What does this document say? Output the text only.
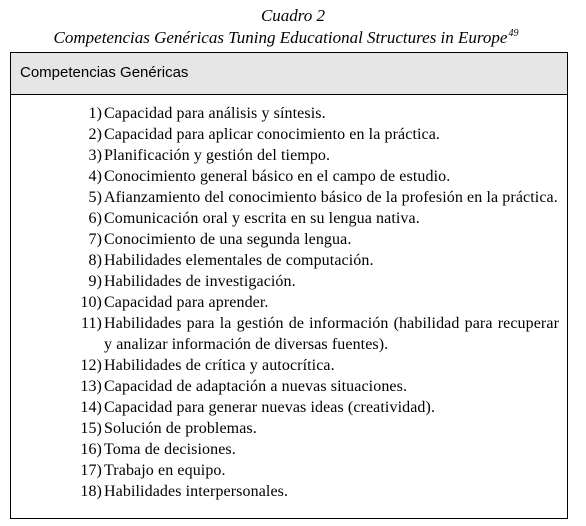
Cuadro 2
Competencias Genéricas Tuning Educational Structures in Europe$^{49}$
Competencias Genéricas
1) Capacidad para análisis y síntesis.
2) Capacidad para aplicar conocimiento en la práctica.
3) Planificación y gestión del tiempo.
4) Conocimiento general básico en el campo de estudio.
5) Afianzamiento del conocimiento básico de la profesión en la práctica.
6) Comunicación oral y escrita en su lengua nativa.
7) Conocimiento de una segunda lengua.
8) Habilidades elementales de computación.
9) Habilidades de investigación.
10) Capacidad para aprender.
11) Habilidades para la gestión de información (habilidad para recuperar y analizar información de diversas fuentes).
12) Habilidades de crítica y autocrítica.
13) Capacidad de adaptación a nuevas situaciones.
14) Capacidad para generar nuevas ideas (creatividad).
15) Solución de problemas.
16) Toma de decisiones.
17) Trabajo en equipo.
18) Habilidades interpersonales.
